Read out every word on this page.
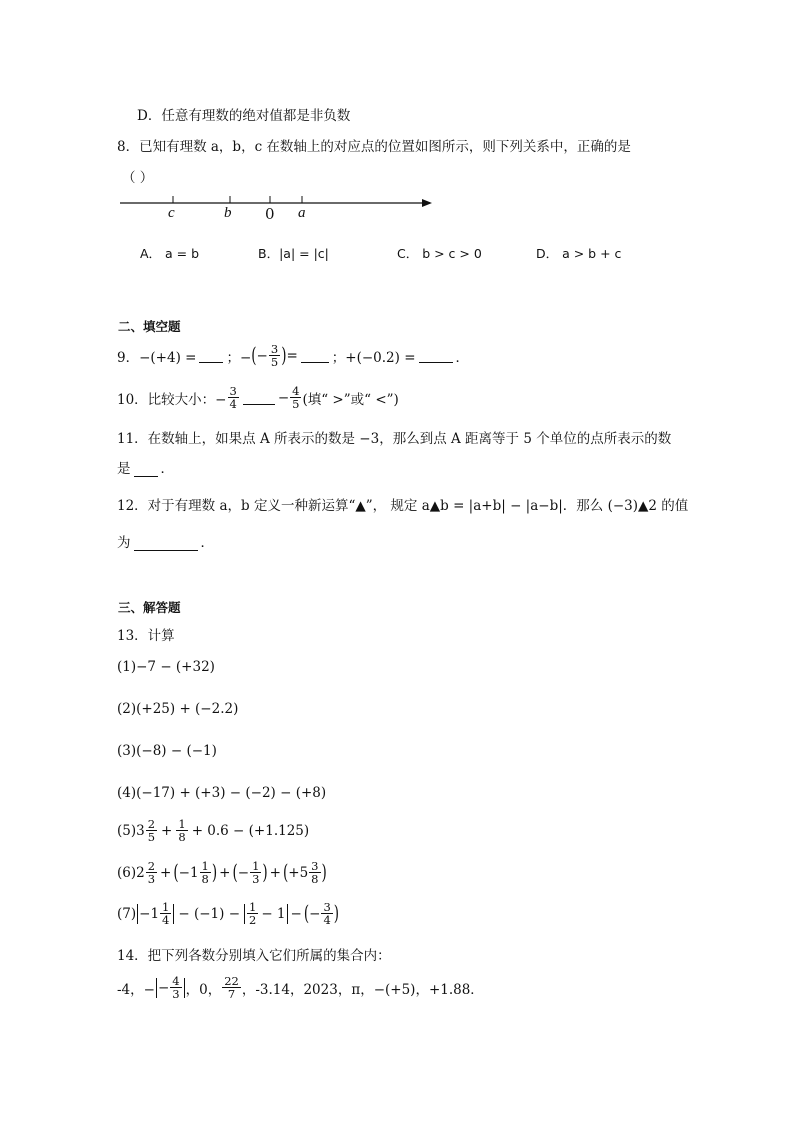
D．任意有理数的绝对值都是非负数
8．已知有理数 a，b，c 在数轴上的对应点的位置如图所示，则下列关系中，正确的是
（ ）
c	b 0 a
A． a = b	B．|a| = |c|	C． b > c > 0	D． a > b + c
二、填空题
9．−(+4) = ；− ( − $\frac{3}{5}$ ) =	；+(−0.2) =	．
10．比较大小：− $\frac{3}{4}$	− $\frac{4}{5}$ (填“ >”或“ <”)
11．在数轴上，如果点 A 所表示的数是 −3，那么到点 A 距离等于 5 个单位的点所表示的数
是 ．
12．对于有理数 a，b 定义一种新运算“▲”， 规定 a▲b = |a+b| − |a−b|．那么 (−3)▲2 的值
为	．
三、解答题
13．计算
(1)−7 − (+32)
(2)(+25) + (−2.2)
(3)(−8) − (−1)
(4)(−17) + (+3) − (−2) − (+8)
(5) $3 \frac{2}{5} + \frac{1}{8} + 0.6 - (+1.125)$
(6) $2 \frac{2}{3}$ + ( − $1 \frac{1}{8}$ ) + ( − $\frac{1}{3}$ ) + ( + $5 \frac{3}{8}$ )
$(7) - 1 \frac{1}{4} - (-1) - \frac{1}{2} - 1$ − ( − $\frac{3}{4}$ )
14．把下列各数分别填入它们所属的集合内：
-4，− − $\frac{4}{3}$ ，0， $\frac{22}{7}$ ，-3.14，2023，π，−(+5)，+1.88．
